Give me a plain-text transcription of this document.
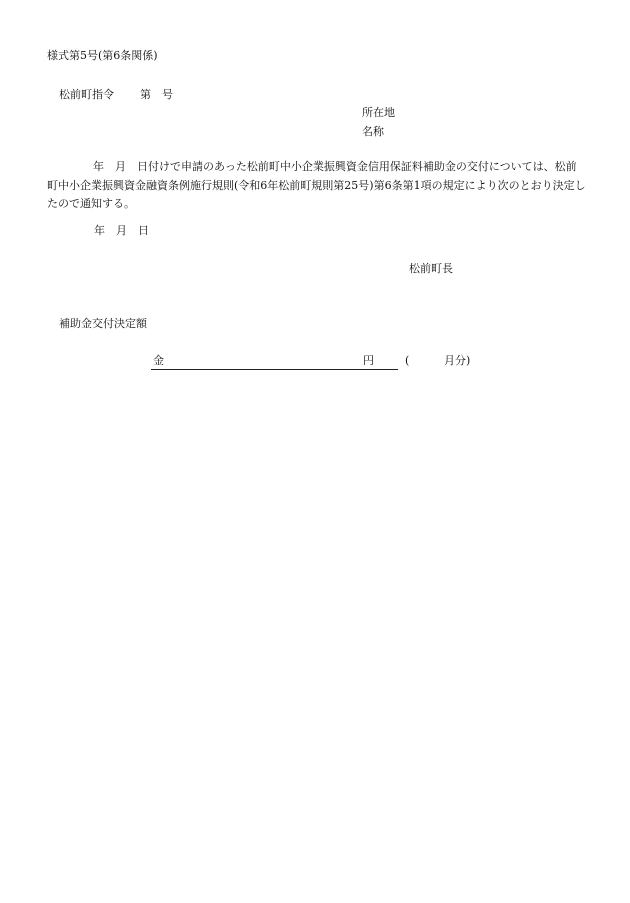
様式第5号(第6条関係)
松前町指令 第　号
所在地
名称
年　月　日付けで申請のあった松前町中小企業振興資金信用保証料補助金の交付については、松前町中小企業振興資金融資条例施行規則(令和6年松前町規則第25号)第6条第1項の規定により次のとおり決定したので通知する。
年　月　日
松前町長
補助金交付決定額
金	円	(	月分)
